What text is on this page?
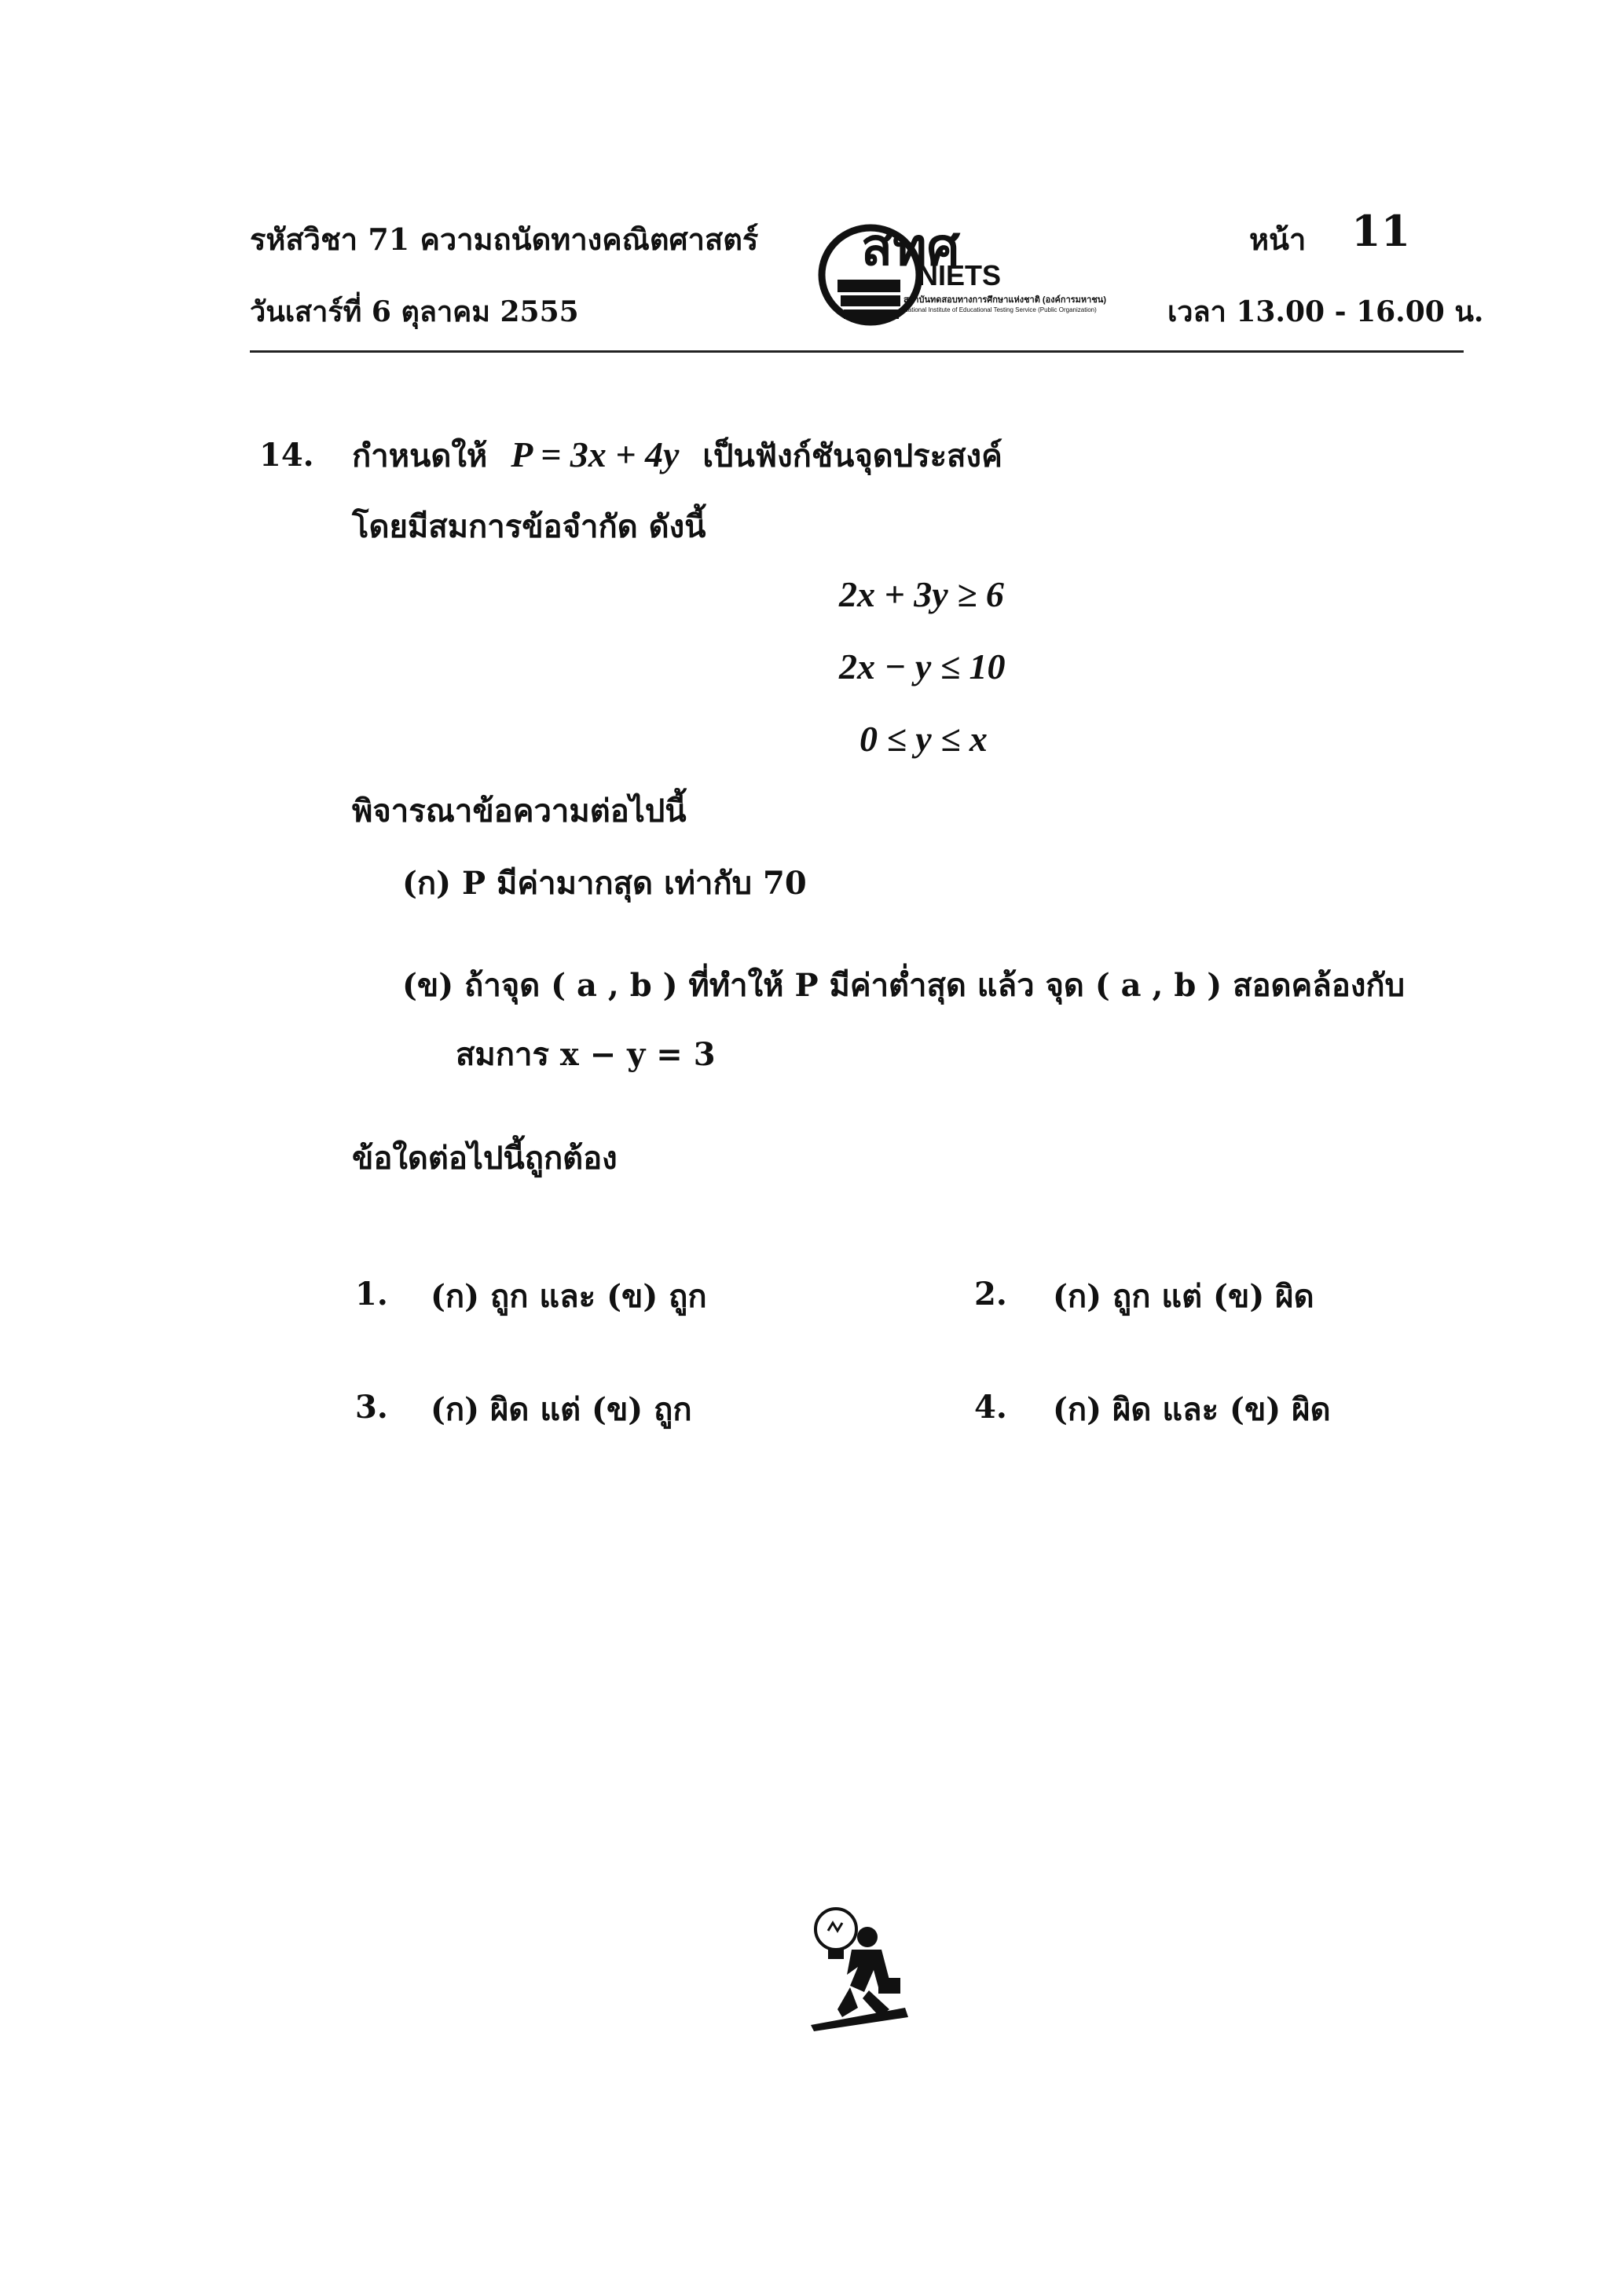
รหัสวิชา 71 ความถนัดทางคณิตศาสตร์
วันเสาร์ที่ 6 ตุลาคม 2555
สทศ
NIETS
สถาบันทดสอบทางการศึกษาแห่งชาติ (องค์การมหาชน)
National Institute of Educational Testing Service (Public Organization)
หน้า 11
เวลา 13.00 - 16.00 น.
14. กำหนดให้ P = 3x + 4y เป็นฟังก์ชันจุดประสงค์
โดยมีสมการข้อจำกัด ดังนี้
2x + 3y ≥ 6
2x − y ≤ 10
0 ≤ y ≤ x
พิจารณาข้อความต่อไปนี้
(ก) P มีค่ามากสุด เท่ากับ 70
(ข) ถ้าจุด ( a , b ) ที่ทำให้ P มีค่าต่ำสุด แล้ว จุด ( a , b ) สอดคล้องกับ
สมการ x − y = 3
ข้อใดต่อไปนี้ถูกต้อง
1. (ก) ถูก และ (ข) ถูก	2. (ก) ถูก แต่ (ข) ผิด
3. (ก) ผิด แต่ (ข) ถูก	4. (ก) ผิด และ (ข) ผิด
